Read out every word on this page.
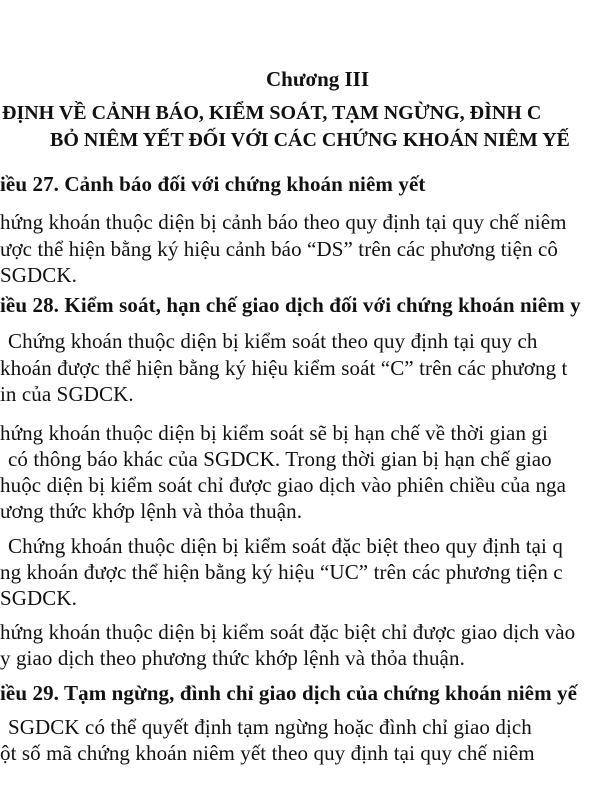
Chương III
ĐỊNH VỀ CẢNH BÁO, KIỂM SOÁT, TẠM NGỪNG, ĐÌNH C
BỎ NIÊM YẾT ĐỐI VỚI CÁC CHỨNG KHOÁN NIÊM YẾ
iều 27. Cảnh báo đối với chứng khoán niêm yết
hứng khoán thuộc diện bị cảnh báo theo quy định tại quy chế niêm
ược thể hiện bằng ký hiệu cảnh báo “DS” trên các phương tiện cô
SGDCK.
iều 28. Kiểm soát, hạn chế giao dịch đối với chứng khoán niêm y
Chứng khoán thuộc diện bị kiểm soát theo quy định tại quy ch
khoán được thể hiện bằng ký hiệu kiểm soát “C” trên các phương t
in của SGDCK.
hứng khoán thuộc diện bị kiểm soát sẽ bị hạn chế về thời gian gi
có thông báo khác của SGDCK. Trong thời gian bị hạn chế giao
huộc diện bị kiểm soát chỉ được giao dịch vào phiên chiều của nga
ương thức khớp lệnh và thỏa thuận.
Chứng khoán thuộc diện bị kiểm soát đặc biệt theo quy định tại q
ng khoán được thể hiện bằng ký hiệu “UC” trên các phương tiện c
SGDCK.
hứng khoán thuộc diện bị kiểm soát đặc biệt chỉ được giao dịch vào
y giao dịch theo phương thức khớp lệnh và thỏa thuận.
iều 29. Tạm ngừng, đình chỉ giao dịch của chứng khoán niêm yế
SGDCK có thể quyết định tạm ngừng hoặc đình chỉ giao dịch
ột số mã chứng khoán niêm yết theo quy định tại quy chế niêm
